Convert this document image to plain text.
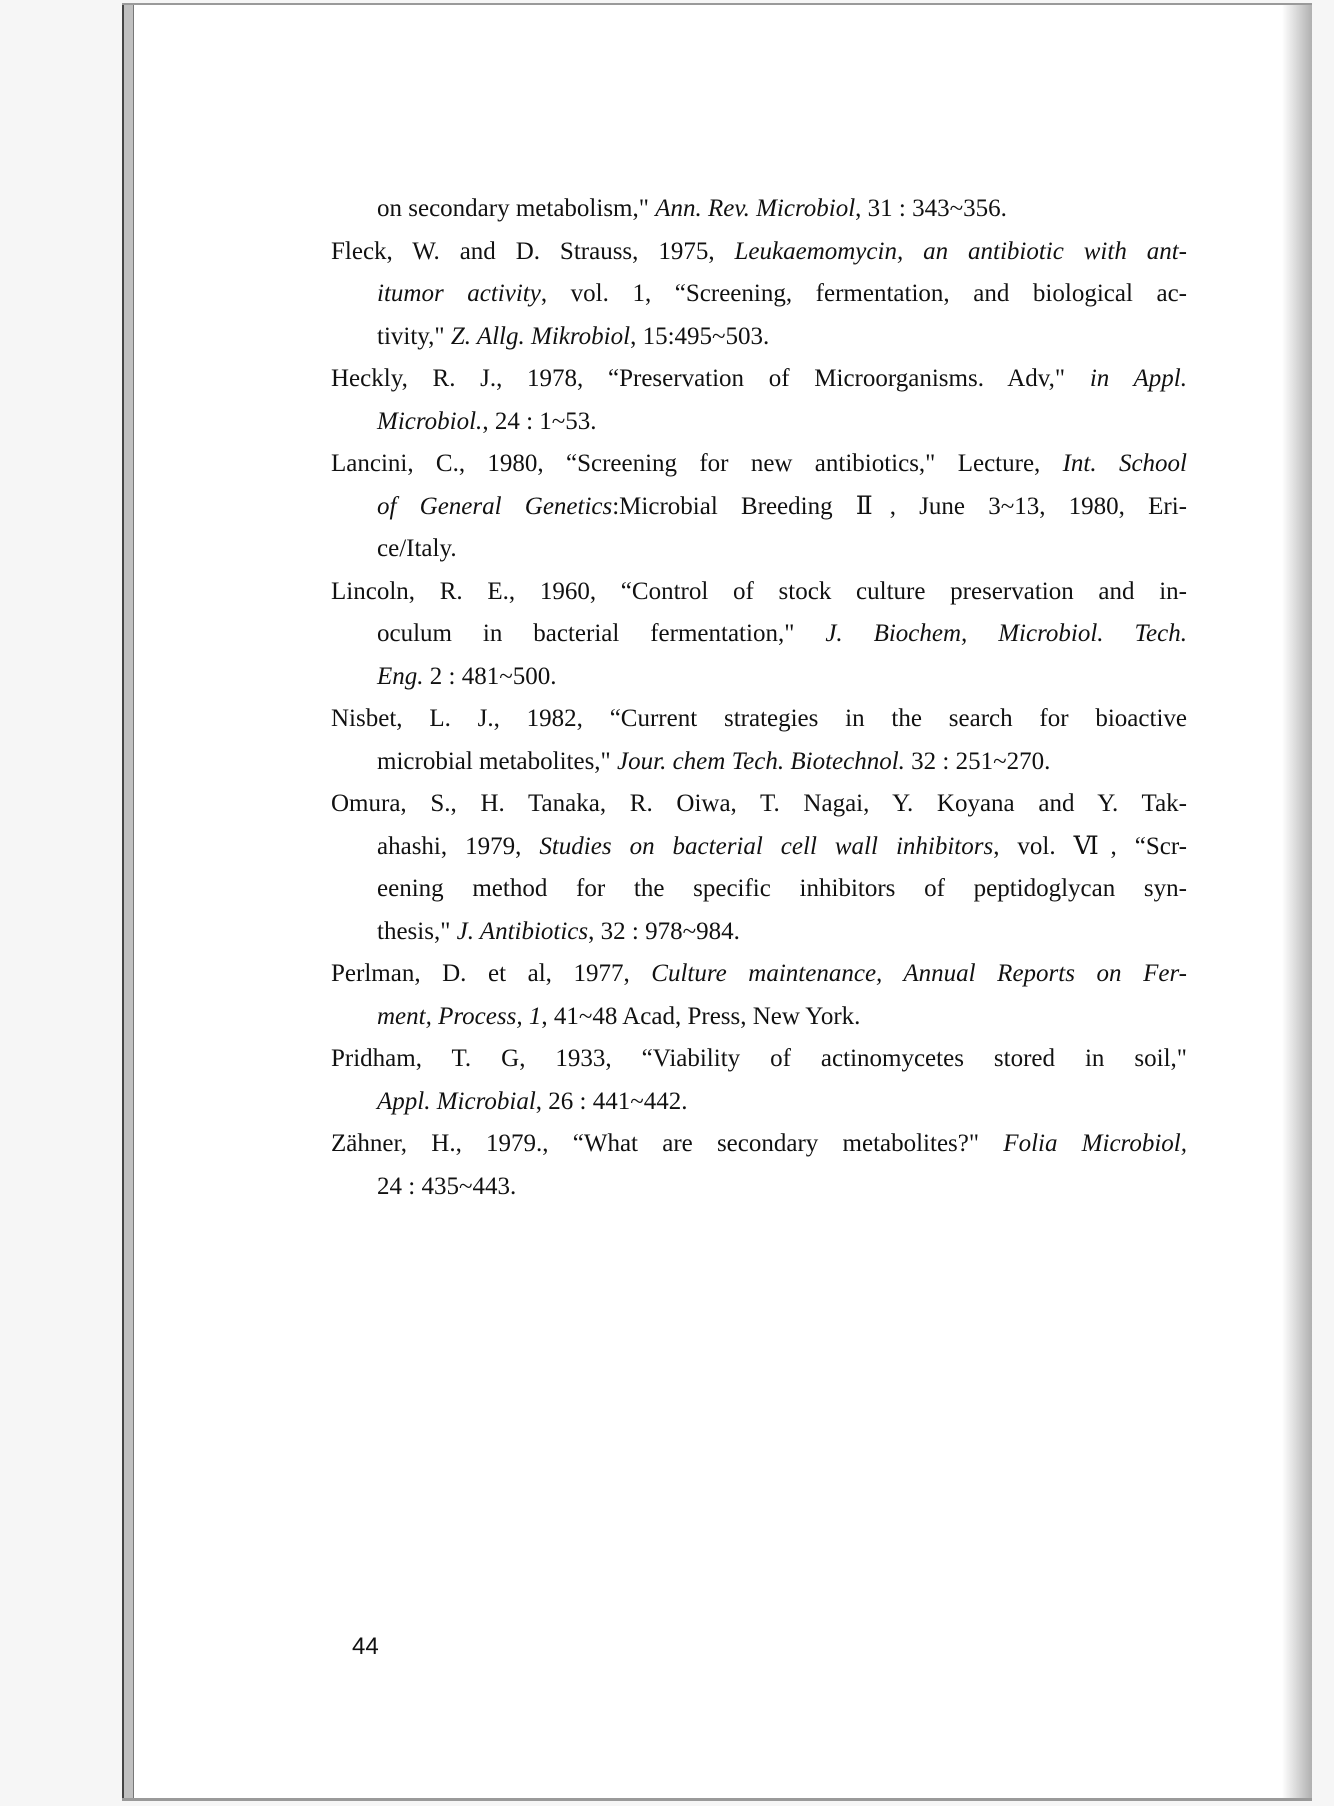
on secondary metabolism," Ann. Rev. Microbiol, 31 : 343~356.
Fleck, W. and D. Strauss, 1975, Leukaemomycin, an antibiotic with ant-
itumor activity, vol. 1, “Screening, fermentation, and biological ac-
tivity," Z. Allg. Mikrobiol, 15:495~503.
Heckly, R. J., 1978, “Preservation of Microorganisms. Adv," in Appl.
Microbiol., 24 : 1~53.
Lancini, C., 1980, “Screening for new antibiotics," Lecture, Int. School
of General Genetics:Microbial Breeding Ⅱ, June 3~13, 1980, Eri-
ce/Italy.
Lincoln, R. E., 1960, “Control of stock culture preservation and in-
oculum in bacterial fermentation," J. Biochem, Microbiol. Tech.
Eng. 2 : 481~500.
Nisbet, L. J., 1982, “Current strategies in the search for bioactive
microbial metabolites," Jour. chem Tech. Biotechnol. 32 : 251~270.
Omura, S., H. Tanaka, R. Oiwa, T. Nagai, Y. Koyana and Y. Tak-
ahashi, 1979, Studies on bacterial cell wall inhibitors, vol. Ⅵ, “Scr-
eening method for the specific inhibitors of peptidoglycan syn-
thesis," J. Antibiotics, 32 : 978~984.
Perlman, D. et al, 1977, Culture maintenance, Annual Reports on Fer-
ment, Process, 1, 41~48 Acad, Press, New York.
Pridham, T. G, 1933, “Viability of actinomycetes stored in soil,"
Appl. Microbial, 26 : 441~442.
Zähner, H., 1979., “What are secondary metabolites?" Folia Microbiol,
24 : 435~443.
44
